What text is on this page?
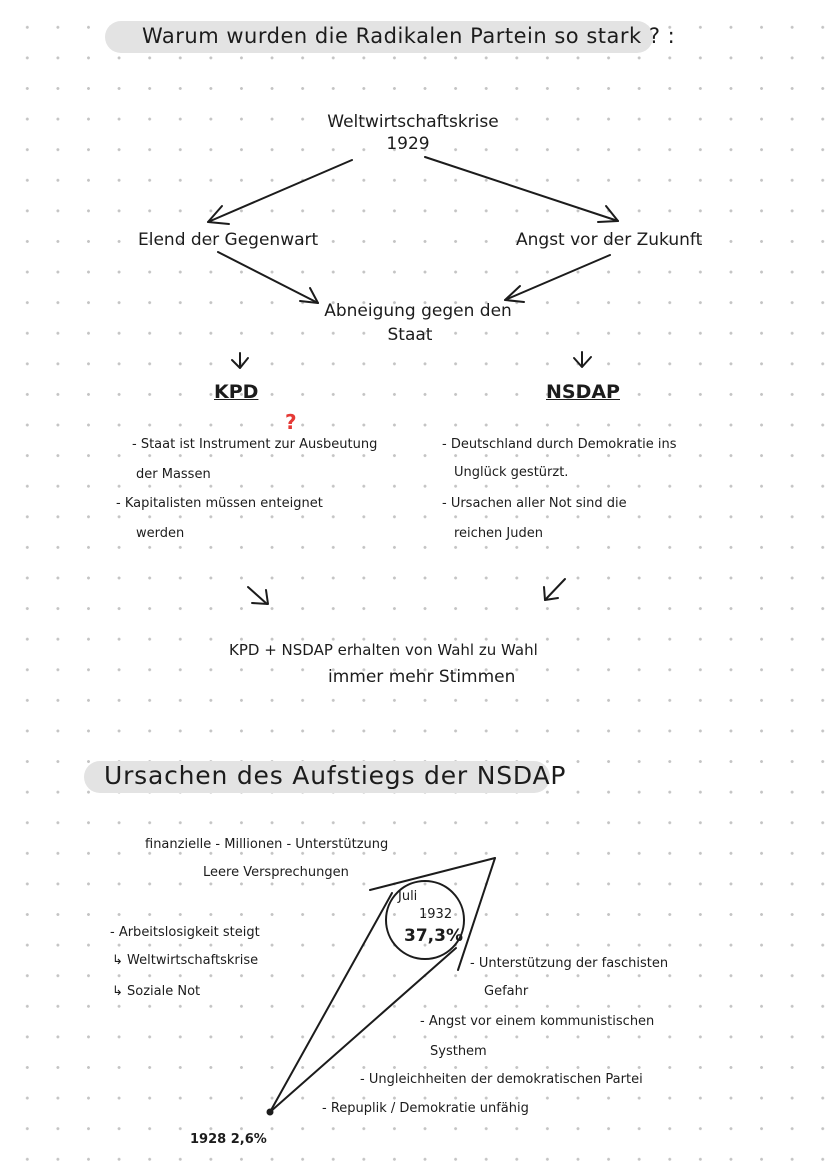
Warum wurden die Radikalen Partein so stark ? :
Weltwirtschaftskrise
1929
Elend der Gegenwart	Angst vor der Zukunft
Abneigung gegen den
Staat
KPD	NSDAP
?
- Staat ist Instrument zur Ausbeutung
der Massen
- Kapitalisten müssen enteignet
werden
- Deutschland durch Demokratie ins
Unglück gestürzt.
- Ursachen aller Not sind die
reichen Juden
KPD + NSDAP erhalten von Wahl zu Wahl
immer mehr Stimmen
Ursachen des Aufstiegs der NSDAP
finanzielle - Millionen - Unterstützung
Leere Versprechungen
Juli
1932
37,3%
- Arbeitslosigkeit steigt
↳ Weltwirtschaftskrise
↳ Soziale Not
- Unterstützung der faschisten
Gefahr
- Angst vor einem kommunistischen
Systhem
- Ungleichheiten der demokratischen Partei
- Repuplik / Demokratie unfähig
1928 2,6%
